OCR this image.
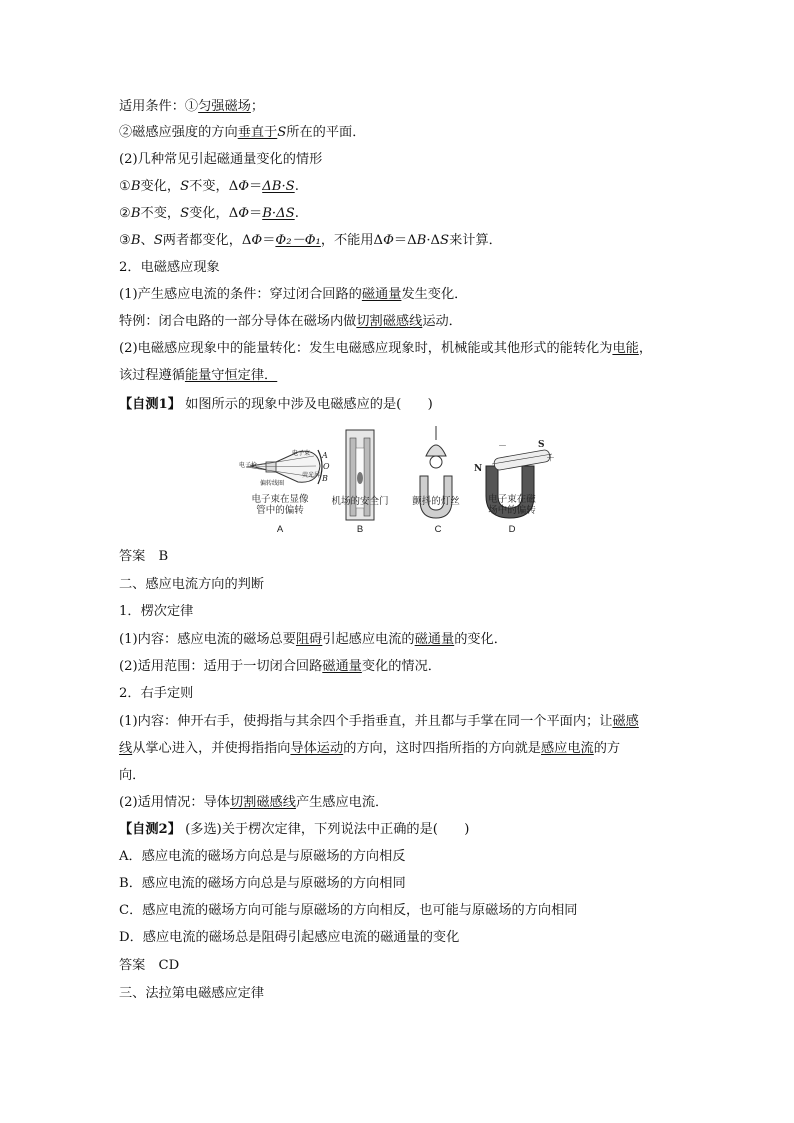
适用条件：①匀强磁场；
②磁感应强度的方向垂直于S所在的平面．
(2)几种常见引起磁通量变化的情形
①B变化，S不变，ΔΦ＝ΔB·S.
②B不变，S变化，ΔΦ＝B·ΔS.
③B、S两者都变化，ΔΦ＝Φ₂－Φ₁，不能用ΔΦ＝ΔB·ΔS来计算．
2．电磁感应现象
(1)产生感应电流的条件：穿过闭合回路的磁通量发生变化．
特例：闭合电路的一部分导体在磁场内做切割磁感线运动．
(2)电磁感应现象中的能量转化：发生电磁感应现象时，机械能或其他形式的能转化为电能，
该过程遵循能量守恒定律．
【自测1】 如图所示的现象中涉及电磁感应的是(　　)
电子枪
电子束
荧光屏
偏转线圈
A
O
B
N
S
－
＋
电子束在显像
管中的偏转
机场的安全门	颤抖的灯丝	电子束在磁
场中的偏转
A	B	C	D
答案　B
二、感应电流方向的判断
1．楞次定律
(1)内容：感应电流的磁场总要阻碍引起感应电流的磁通量的变化．
(2)适用范围：适用于一切闭合回路磁通量变化的情况．
2．右手定则
(1)内容：伸开右手，使拇指与其余四个手指垂直，并且都与手掌在同一个平面内；让磁感
线从掌心进入，并使拇指指向导体运动的方向，这时四指所指的方向就是感应电流的方
向．
(2)适用情况：导体切割磁感线产生感应电流．
【自测2】 (多选)关于楞次定律，下列说法中正确的是(　　)
A．感应电流的磁场方向总是与原磁场的方向相反
B．感应电流的磁场方向总是与原磁场的方向相同
C．感应电流的磁场方向可能与原磁场的方向相反，也可能与原磁场的方向相同
D．感应电流的磁场总是阻碍引起感应电流的磁通量的变化
答案　CD
三、法拉第电磁感应定律
